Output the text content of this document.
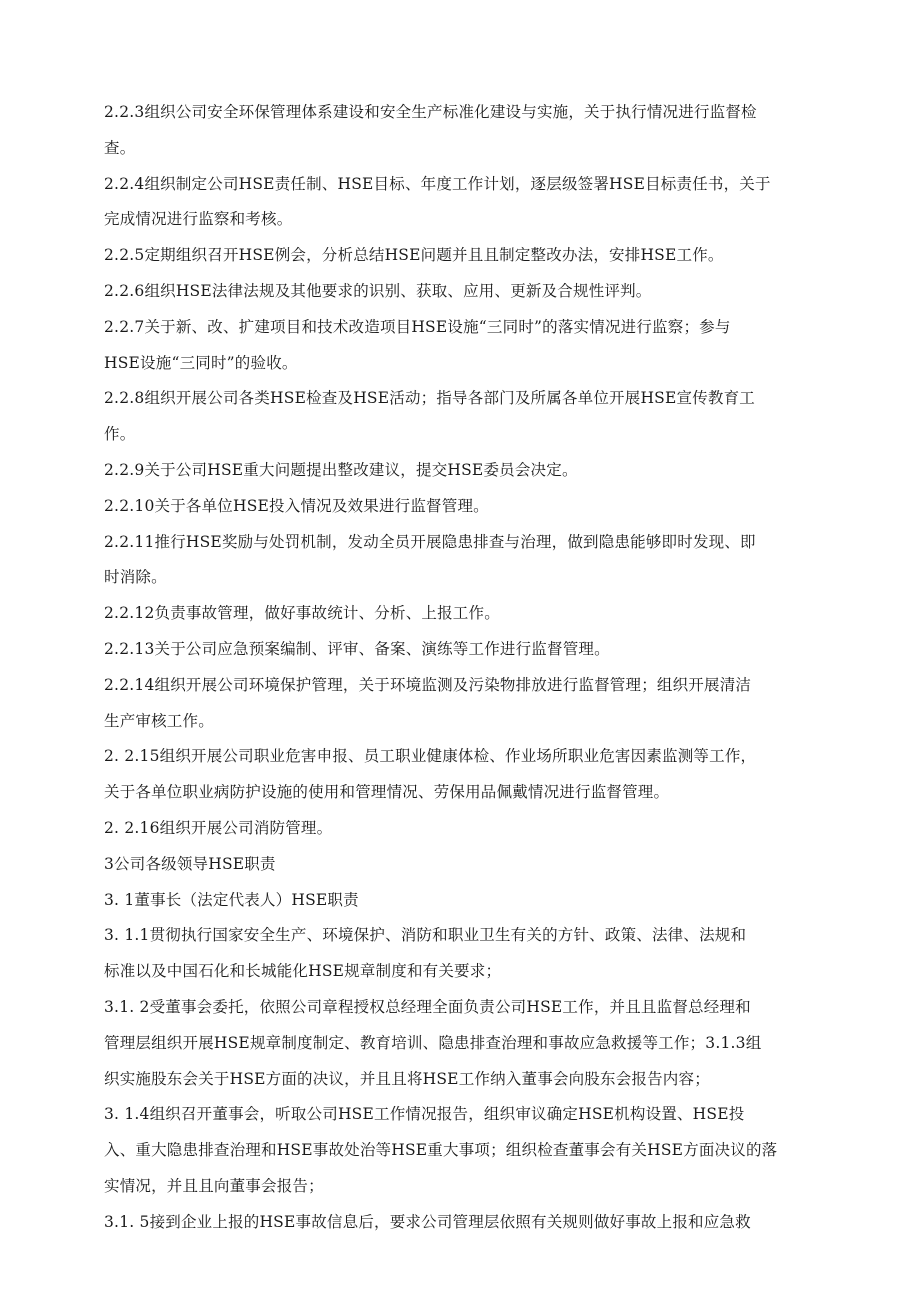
2.2.3组织公司安全环保管理体系建设和安全生产标准化建设与实施，关于执行情况进行监督检
查。
2.2.4组织制定公司HSE责任制、HSE目标、年度工作计划，逐层级签署HSE目标责任书，关于
完成情况进行监察和考核。
2.2.5定期组织召开HSE例会，分析总结HSE问题并且且制定整改办法，安排HSE工作。
2.2.6组织HSE法律法规及其他要求的识别、获取、应用、更新及合规性评判。
2.2.7关于新、改、扩建项目和技术改造项目HSE设施“三同时”的落实情况进行监察；参与
HSE设施“三同时”的验收。
2.2.8组织开展公司各类HSE检查及HSE活动；指导各部门及所属各单位开展HSE宣传教育工
作。
2.2.9关于公司HSE重大问题提出整改建议，提交HSE委员会决定。
2.2.10关于各单位HSE投入情况及效果进行监督管理。
2.2.11推行HSE奖励与处罚机制，发动全员开展隐患排查与治理，做到隐患能够即时发现、即
时消除。
2.2.12负责事故管理，做好事故统计、分析、上报工作。
2.2.13关于公司应急预案编制、评审、备案、演练等工作进行监督管理。
2.2.14组织开展公司环境保护管理，关于环境监测及污染物排放进行监督管理；组织开展清洁
生产审核工作。
2. 2.15组织开展公司职业危害申报、员工职业健康体检、作业场所职业危害因素监测等工作，
关于各单位职业病防护设施的使用和管理情况、劳保用品佩戴情况进行监督管理。
2. 2.16组织开展公司消防管理。
3公司各级领导HSE职责
3. 1董事长（法定代表人）HSE职责
3. 1.1贯彻执行国家安全生产、环境保护、消防和职业卫生有关的方针、政策、法律、法规和
标准以及中国石化和长城能化HSE规章制度和有关要求；
3.1. 2受董事会委托，依照公司章程授权总经理全面负责公司HSE工作，并且且监督总经理和
管理层组织开展HSE规章制度制定、教育培训、隐患排查治理和事故应急救援等工作；3.1.3组
织实施股东会关于HSE方面的决议，并且且将HSE工作纳入董事会向股东会报告内容；
3. 1.4组织召开董事会，听取公司HSE工作情况报告，组织审议确定HSE机构设置、HSE投
入、重大隐患排查治理和HSE事故处治等HSE重大事项；组织检查董事会有关HSE方面决议的落
实情况，并且且向董事会报告；
3.1. 5接到企业上报的HSE事故信息后，要求公司管理层依照有关规则做好事故上报和应急救
